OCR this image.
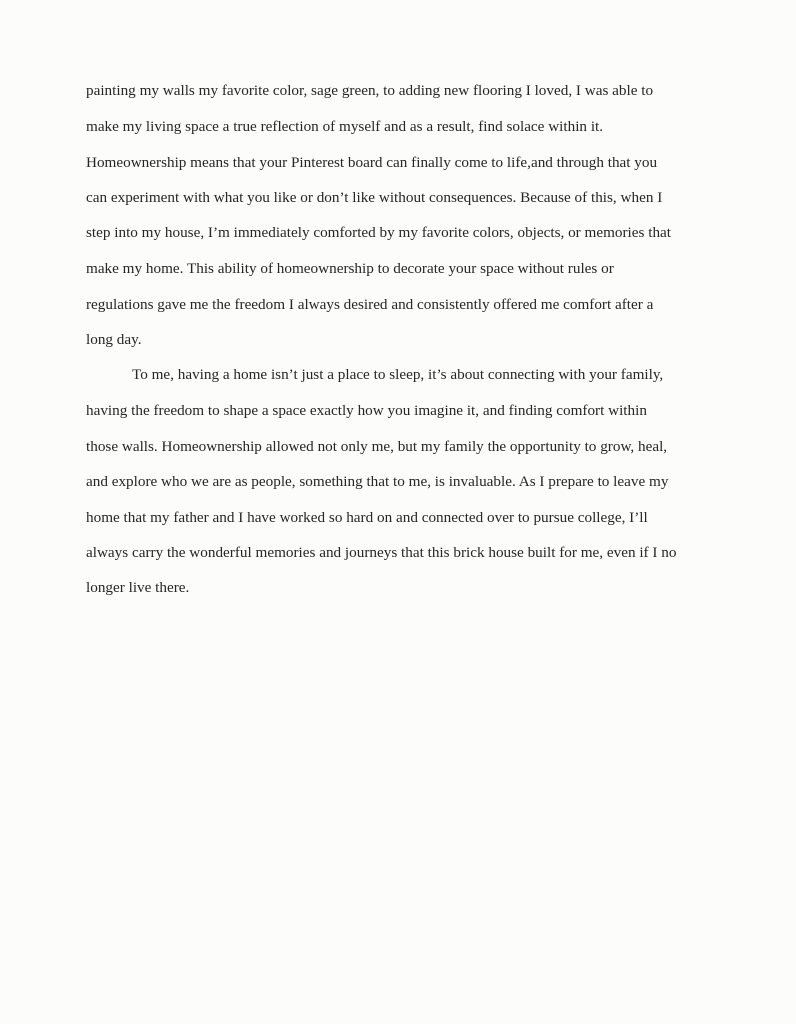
painting my walls my favorite color, sage green, to adding new flooring I loved, I was able to
make my living space a true reflection of myself and as a result, find solace within it.
Homeownership means that your Pinterest board can finally come to life,and through that you
can experiment with what you like or don’t like without consequences. Because of this, when I
step into my house, I’m immediately comforted by my favorite colors, objects, or memories that
make my home. This ability of homeownership to decorate your space without rules or
regulations gave me the freedom I always desired and consistently offered me comfort after a
long day.
To me, having a home isn’t just a place to sleep, it’s about connecting with your family,
having the freedom to shape a space exactly how you imagine it, and finding comfort within
those walls. Homeownership allowed not only me, but my family the opportunity to grow, heal,
and explore who we are as people, something that to me, is invaluable. As I prepare to leave my
home that my father and I have worked so hard on and connected over to pursue college, I’ll
always carry the wonderful memories and journeys that this brick house built for me, even if I no
longer live there.
